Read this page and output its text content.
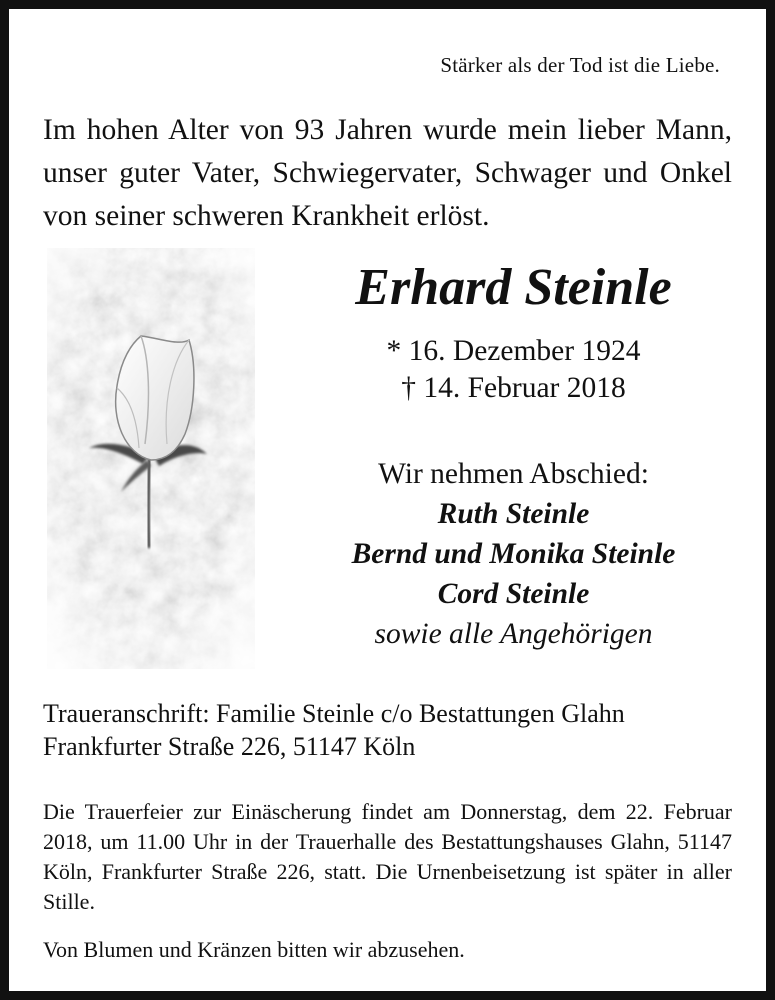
Stärker als der Tod ist die Liebe.
Im hohen Alter von 93 Jahren wurde mein lieber Mann, unser guter Vater, Schwiegervater, Schwager und Onkel von seiner schweren Krankheit erlöst.
Erhard Steinle
* 16. Dezember 1924
† 14. Februar 2018
Wir nehmen Abschied:
Ruth Steinle
Bernd und Monika Steinle
Cord Steinle
sowie alle Angehörigen
Traueranschrift: Familie Steinle c/o Bestattungen Glahn
Frankfurter Straße 226, 51147 Köln
Die Trauerfeier zur Einäscherung findet am Donnerstag, dem 22. Februar 2018, um 11.00 Uhr in der Trauerhalle des Bestattungshauses Glahn, 51147 Köln, Frankfurter Straße 226, statt. Die Urnenbeisetzung ist später in aller Stille.
Von Blumen und Kränzen bitten wir abzusehen.
